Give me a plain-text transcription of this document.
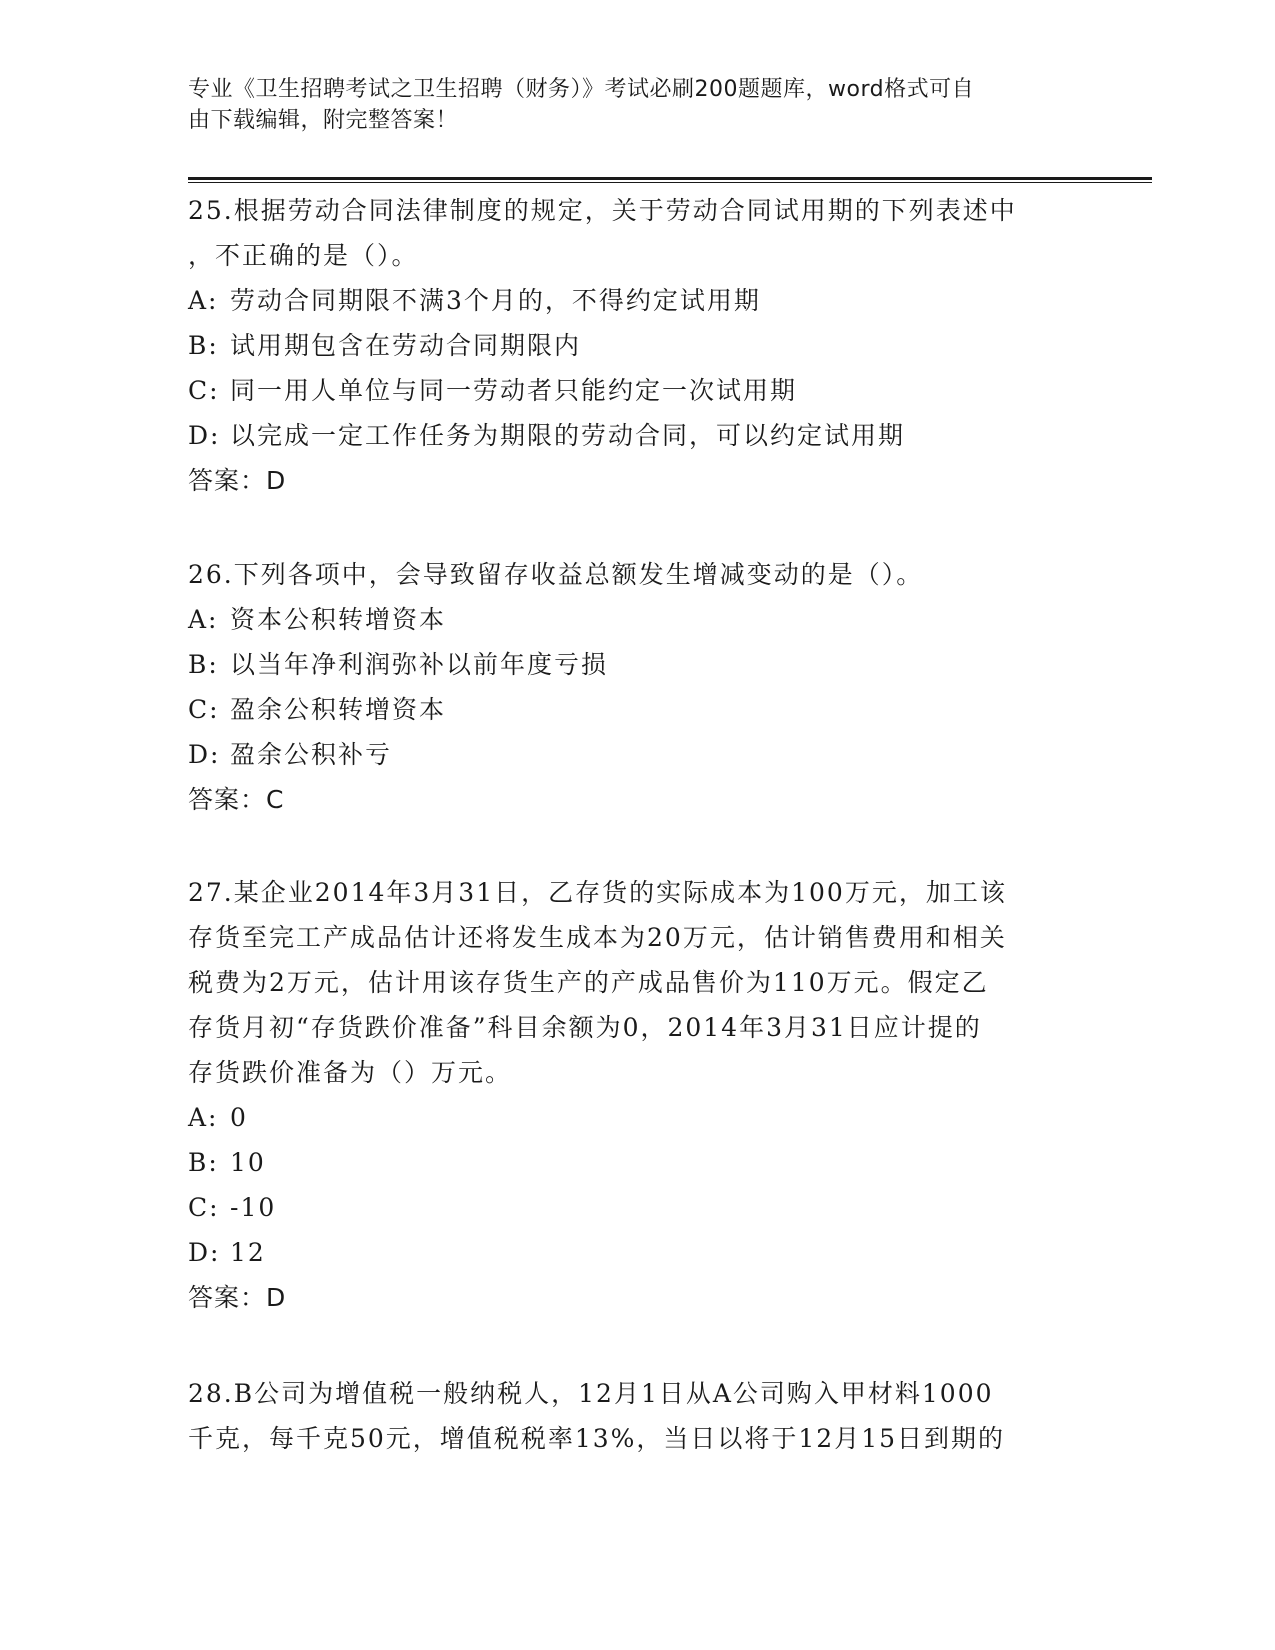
专业《卫生招聘考试之卫生招聘（财务）》考试必刷200题题库，word格式可自
由下载编辑，附完整答案！

25.根据劳动合同法律制度的规定，关于劳动合同试用期的下列表述中

，不正确的是（）。

A: 劳动合同期限不满3个月的，不得约定试用期

B: 试用期包含在劳动合同期限内

C: 同一用人单位与同一劳动者只能约定一次试用期

D: 以完成一定工作任务为期限的劳动合同，可以约定试用期

答案：D

26.下列各项中，会导致留存收益总额发生增减变动的是（）。

A: 资本公积转增资本

B: 以当年净利润弥补以前年度亏损

C: 盈余公积转增资本

D: 盈余公积补亏

答案：C

27.某企业2014年3月31日，乙存货的实际成本为100万元，加工该

存货至完工产成品估计还将发生成本为20万元，估计销售费用和相关

税费为2万元，估计用该存货生产的产成品售价为110万元。假定乙

存货月初“存货跌价准备”科目余额为0，2014年3月31日应计提的

存货跌价准备为（）万元。

A: 0

B: 10

C: -10

D: 12

答案：D

28.B公司为增值税一般纳税人，12月1日从A公司购入甲材料1000

千克，每千克50元，增值税税率13%，当日以将于12月15日到期的
